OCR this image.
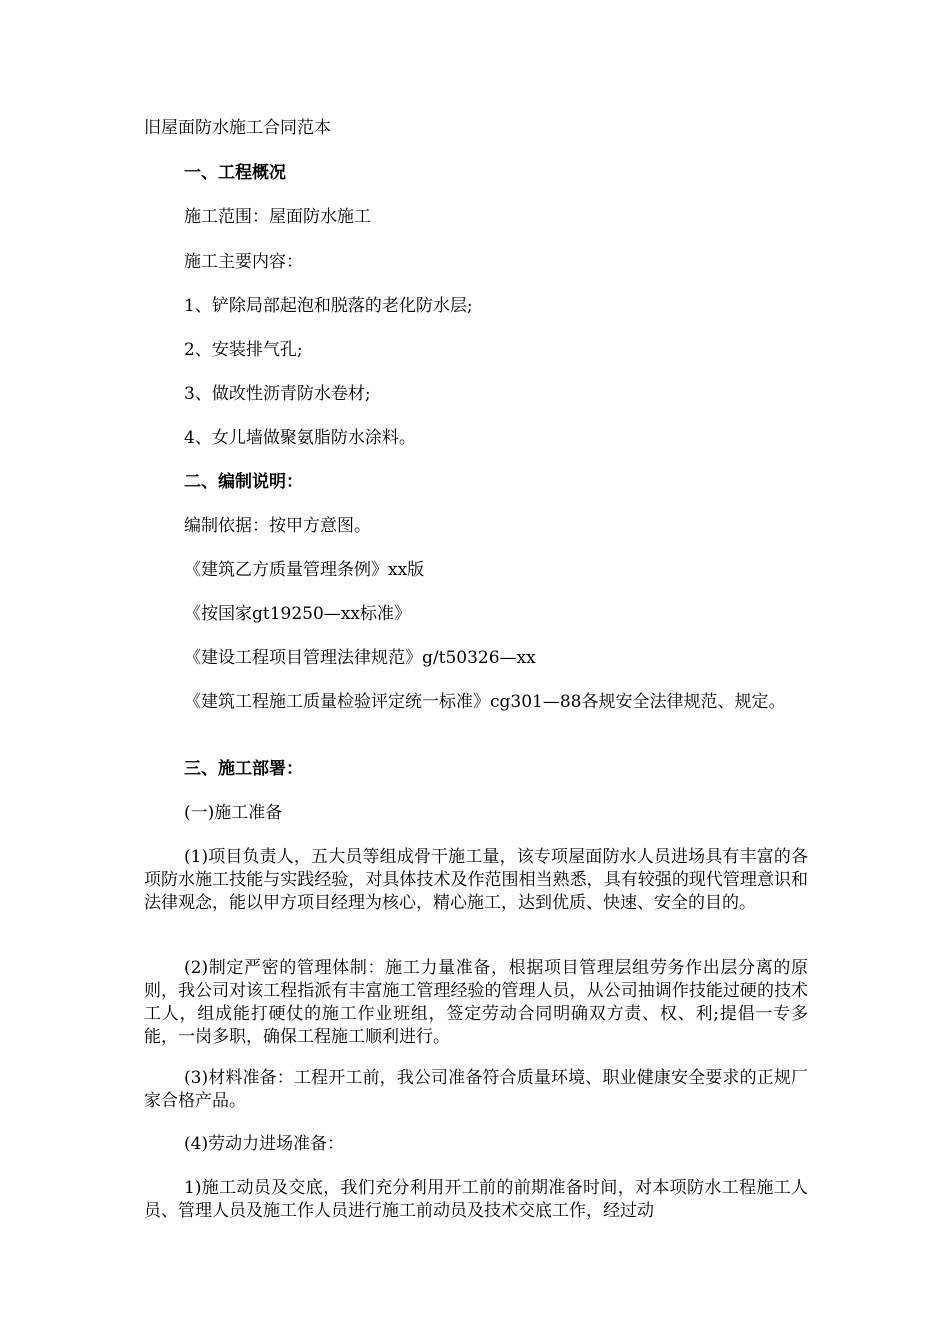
旧屋面防水施工合同范本

一、工程概况

施工范围：屋面防水施工

施工主要内容：

1、铲除局部起泡和脱落的老化防水层;

2、安装排气孔;

3、做改性沥青防水卷材;

4、女儿墙做聚氨脂防水涂料。

二、编制说明：

编制依据：按甲方意图。

《建筑乙方质量管理条例》xx版

《按国家gt19250—xx标准》

《建设工程项目管理法律规范》g/t50326—xx

《建筑工程施工质量检验评定统一标准》cg301—88各规安全法律规范、规定。

三、施工部署：

(一)施工准备

(1)项目负责人，五大员等组成骨干施工量，该专项屋面防水人员进场具有丰富的各项防水施工技能与实践经验，对具体技术及作范围相当熟悉，具有较强的现代管理意识和法律观念，能以甲方项目经理为核心，精心施工，达到优质、快速、安全的目的。

(2)制定严密的管理体制：施工力量准备，根据项目管理层组劳务作出层分离的原则，我公司对该工程指派有丰富施工管理经验的管理人员，从公司抽调作技能过硬的技术工人，组成能打硬仗的施工作业班组，签定劳动合同明确双方责、权、利;提倡一专多能，一岗多职，确保工程施工顺利进行。

(3)材料准备：工程开工前，我公司准备符合质量环境、职业健康安全要求的正规厂家合格产品。

(4)劳动力进场准备：

1)施工动员及交底，我们充分利用开工前的前期准备时间，对本项防水工程施工人员、管理人员及施工作人员进行施工前动员及技术交底工作，经过动
